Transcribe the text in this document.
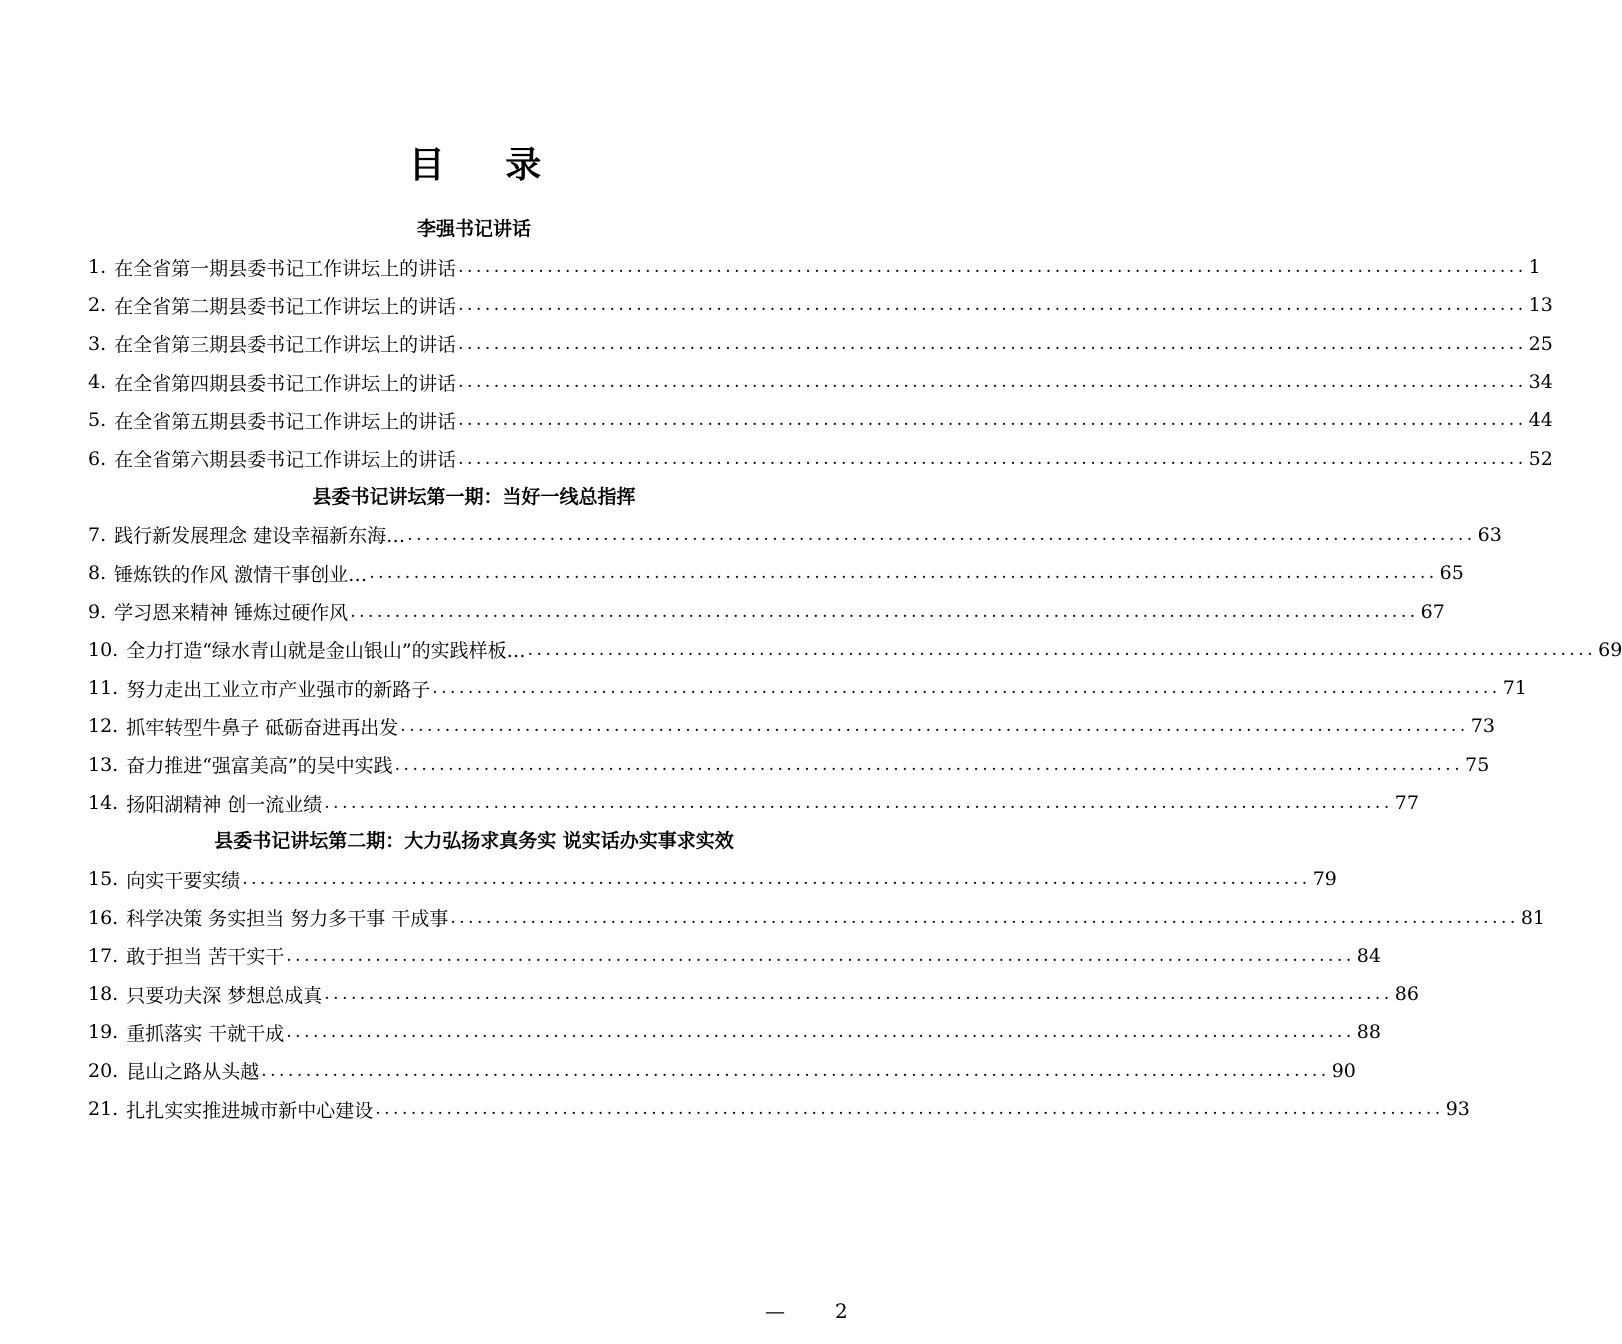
目 录
李强书记讲话
1. 在全省第一期县委书记工作讲坛上的讲话 ........................................................................................................................ 1
2. 在全省第二期县委书记工作讲坛上的讲话 ........................................................................................................................ 13
3. 在全省第三期县委书记工作讲坛上的讲话 ........................................................................................................................ 25
4. 在全省第四期县委书记工作讲坛上的讲话 ........................................................................................................................ 34
5. 在全省第五期县委书记工作讲坛上的讲话 ........................................................................................................................ 44
6. 在全省第六期县委书记工作讲坛上的讲话 ........................................................................................................................ 52
县委书记讲坛第一期：当好一线总指挥
7. 践行新发展理念 建设幸福新东海… ........................................................................................................................ 63
8. 锤炼铁的作风 激情干事创业… ........................................................................................................................ 65
9. 学习恩来精神 锤炼过硬作风 ........................................................................................................................ 67
10. 全力打造“绿水青山就是金山银山”的实践样板… ........................................................................................................................ 69
11. 努力走出工业立市产业强市的新路子 ........................................................................................................................ 71
12. 抓牢转型牛鼻子 砥砺奋进再出发 ........................................................................................................................ 73
13. 奋力推进“强富美高”的吴中实践 ........................................................................................................................ 75
14. 扬阳湖精神 创一流业绩 ........................................................................................................................ 77
县委书记讲坛第二期：大力弘扬求真务实 说实话办实事求实效
15. 向实干要实绩 ........................................................................................................................ 79
16. 科学决策 务实担当 努力多干事 干成事 ........................................................................................................................ 81
17. 敢于担当 苦干实干 ........................................................................................................................ 84
18. 只要功夫深 梦想总成真 ........................................................................................................................ 86
19. 重抓落实 干就干成 ........................................................................................................................ 88
20. 昆山之路从头越 ........................................................................................................................ 90
21. 扎扎实实推进城市新中心建设 ........................................................................................................................ 93
—	2
